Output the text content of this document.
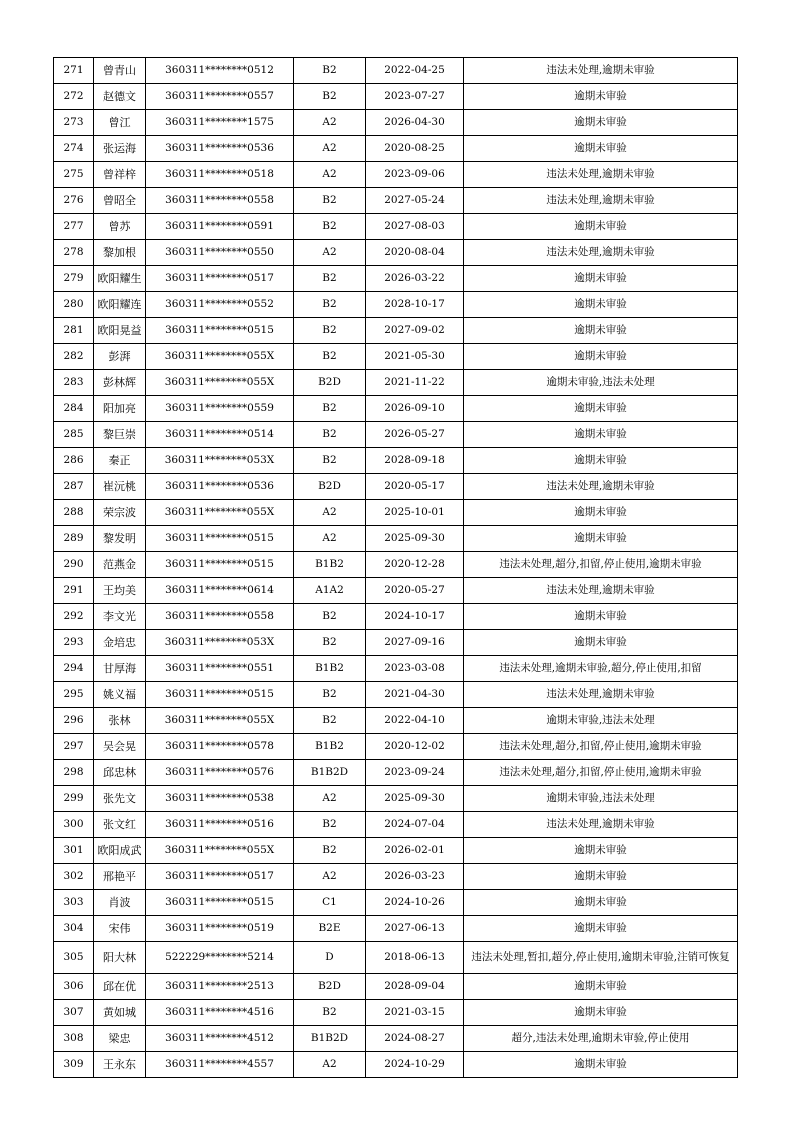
271	曾青山	360311********0512	B2	2022-04-25	违法未处理,逾期未审验
272	赵德文	360311********0557	B2	2023-07-27	逾期未审验
273	曾江	360311********1575	A2	2026-04-30	逾期未审验
274	张运海	360311********0536	A2	2020-08-25	逾期未审验
275	曾祥梓	360311********0518	A2	2023-09-06	违法未处理,逾期未审验
276	曾昭全	360311********0558	B2	2027-05-24	违法未处理,逾期未审验
277	曾苏	360311********0591	B2	2027-08-03	逾期未审验
278	黎加根	360311********0550	A2	2020-08-04	违法未处理,逾期未审验
279	欧阳耀生	360311********0517	B2	2026-03-22	逾期未审验
280	欧阳耀连	360311********0552	B2	2028-10-17	逾期未审验
281	欧阳晃益	360311********0515	B2	2027-09-02	逾期未审验
282	彭湃	360311********055X	B2	2021-05-30	逾期未审验
283	彭林辉	360311********055X	B2D	2021-11-22	逾期未审验,违法未处理
284	阳加亮	360311********0559	B2	2026-09-10	逾期未审验
285	黎巨崇	360311********0514	B2	2026-05-27	逾期未审验
286	秦正	360311********053X	B2	2028-09-18	逾期未审验
287	崔沅桃	360311********0536	B2D	2020-05-17	违法未处理,逾期未审验
288	荣宗波	360311********055X	A2	2025-10-01	逾期未审验
289	黎发明	360311********0515	A2	2025-09-30	逾期未审验
290	范燕金	360311********0515	B1B2	2020-12-28	违法未处理,超分,扣留,停止使用,逾期未审验
291	王均美	360311********0614	A1A2	2020-05-27	违法未处理,逾期未审验
292	李文光	360311********0558	B2	2024-10-17	逾期未审验
293	金培忠	360311********053X	B2	2027-09-16	逾期未审验
294	甘厚海	360311********0551	B1B2	2023-03-08	违法未处理,逾期未审验,超分,停止使用,扣留
295	姚义福	360311********0515	B2	2021-04-30	违法未处理,逾期未审验
296	张林	360311********055X	B2	2022-04-10	逾期未审验,违法未处理
297	吴会晃	360311********0578	B1B2	2020-12-02	违法未处理,超分,扣留,停止使用,逾期未审验
298	邱忠林	360311********0576	B1B2D	2023-09-24	违法未处理,超分,扣留,停止使用,逾期未审验
299	张先文	360311********0538	A2	2025-09-30	逾期未审验,违法未处理
300	张文红	360311********0516	B2	2024-07-04	违法未处理,逾期未审验
301	欧阳成武	360311********055X	B2	2026-02-01	逾期未审验
302	邢艳平	360311********0517	A2	2026-03-23	逾期未审验
303	肖波	360311********0515	C1	2024-10-26	逾期未审验
304	宋伟	360311********0519	B2E	2027-06-13	逾期未审验
305	阳大林	522229********5214	D	2018-06-13	违法未处理,暂扣,超分,停止使用,逾期未审验,注销可恢复
306	邱在优	360311********2513	B2D	2028-09-04	逾期未审验
307	黄如城	360311********4516	B2	2021-03-15	逾期未审验
308	梁忠	360311********4512	B1B2D	2024-08-27	超分,违法未处理,逾期未审验,停止使用
309	王永东	360311********4557	A2	2024-10-29	逾期未审验
